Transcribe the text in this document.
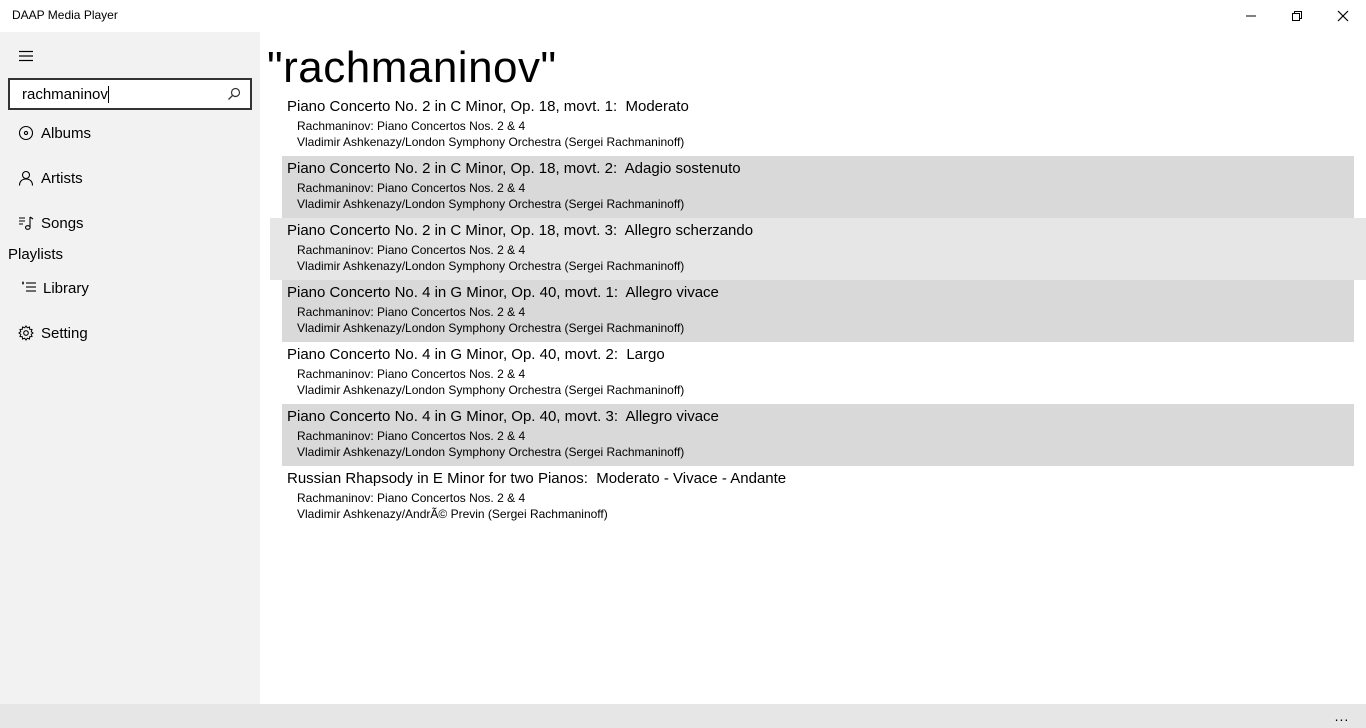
DAAP Media Player
rachmaninov
Albums
Artists
Songs
Playlists
Library
Setting
"rachmaninov"
Piano Concerto No. 2 in C Minor, Op. 18, movt. 1:  Moderato
Rachmaninov: Piano Concertos Nos. 2 & 4
Vladimir Ashkenazy/London Symphony Orchestra (Sergei Rachmaninoff)
Piano Concerto No. 2 in C Minor, Op. 18, movt. 2:  Adagio sostenuto
Rachmaninov: Piano Concertos Nos. 2 & 4
Vladimir Ashkenazy/London Symphony Orchestra (Sergei Rachmaninoff)
Piano Concerto No. 2 in C Minor, Op. 18, movt. 3:  Allegro scherzando
Rachmaninov: Piano Concertos Nos. 2 & 4
Vladimir Ashkenazy/London Symphony Orchestra (Sergei Rachmaninoff)
Piano Concerto No. 4 in G Minor, Op. 40, movt. 1:  Allegro vivace
Rachmaninov: Piano Concertos Nos. 2 & 4
Vladimir Ashkenazy/London Symphony Orchestra (Sergei Rachmaninoff)
Piano Concerto No. 4 in G Minor, Op. 40, movt. 2:  Largo
Rachmaninov: Piano Concertos Nos. 2 & 4
Vladimir Ashkenazy/London Symphony Orchestra (Sergei Rachmaninoff)
Piano Concerto No. 4 in G Minor, Op. 40, movt. 3:  Allegro vivace
Rachmaninov: Piano Concertos Nos. 2 & 4
Vladimir Ashkenazy/London Symphony Orchestra (Sergei Rachmaninoff)
Russian Rhapsody in E Minor for two Pianos:  Moderato - Vivace - Andante
Rachmaninov: Piano Concertos Nos. 2 & 4
Vladimir Ashkenazy/AndrÃ© Previn (Sergei Rachmaninoff)
...
